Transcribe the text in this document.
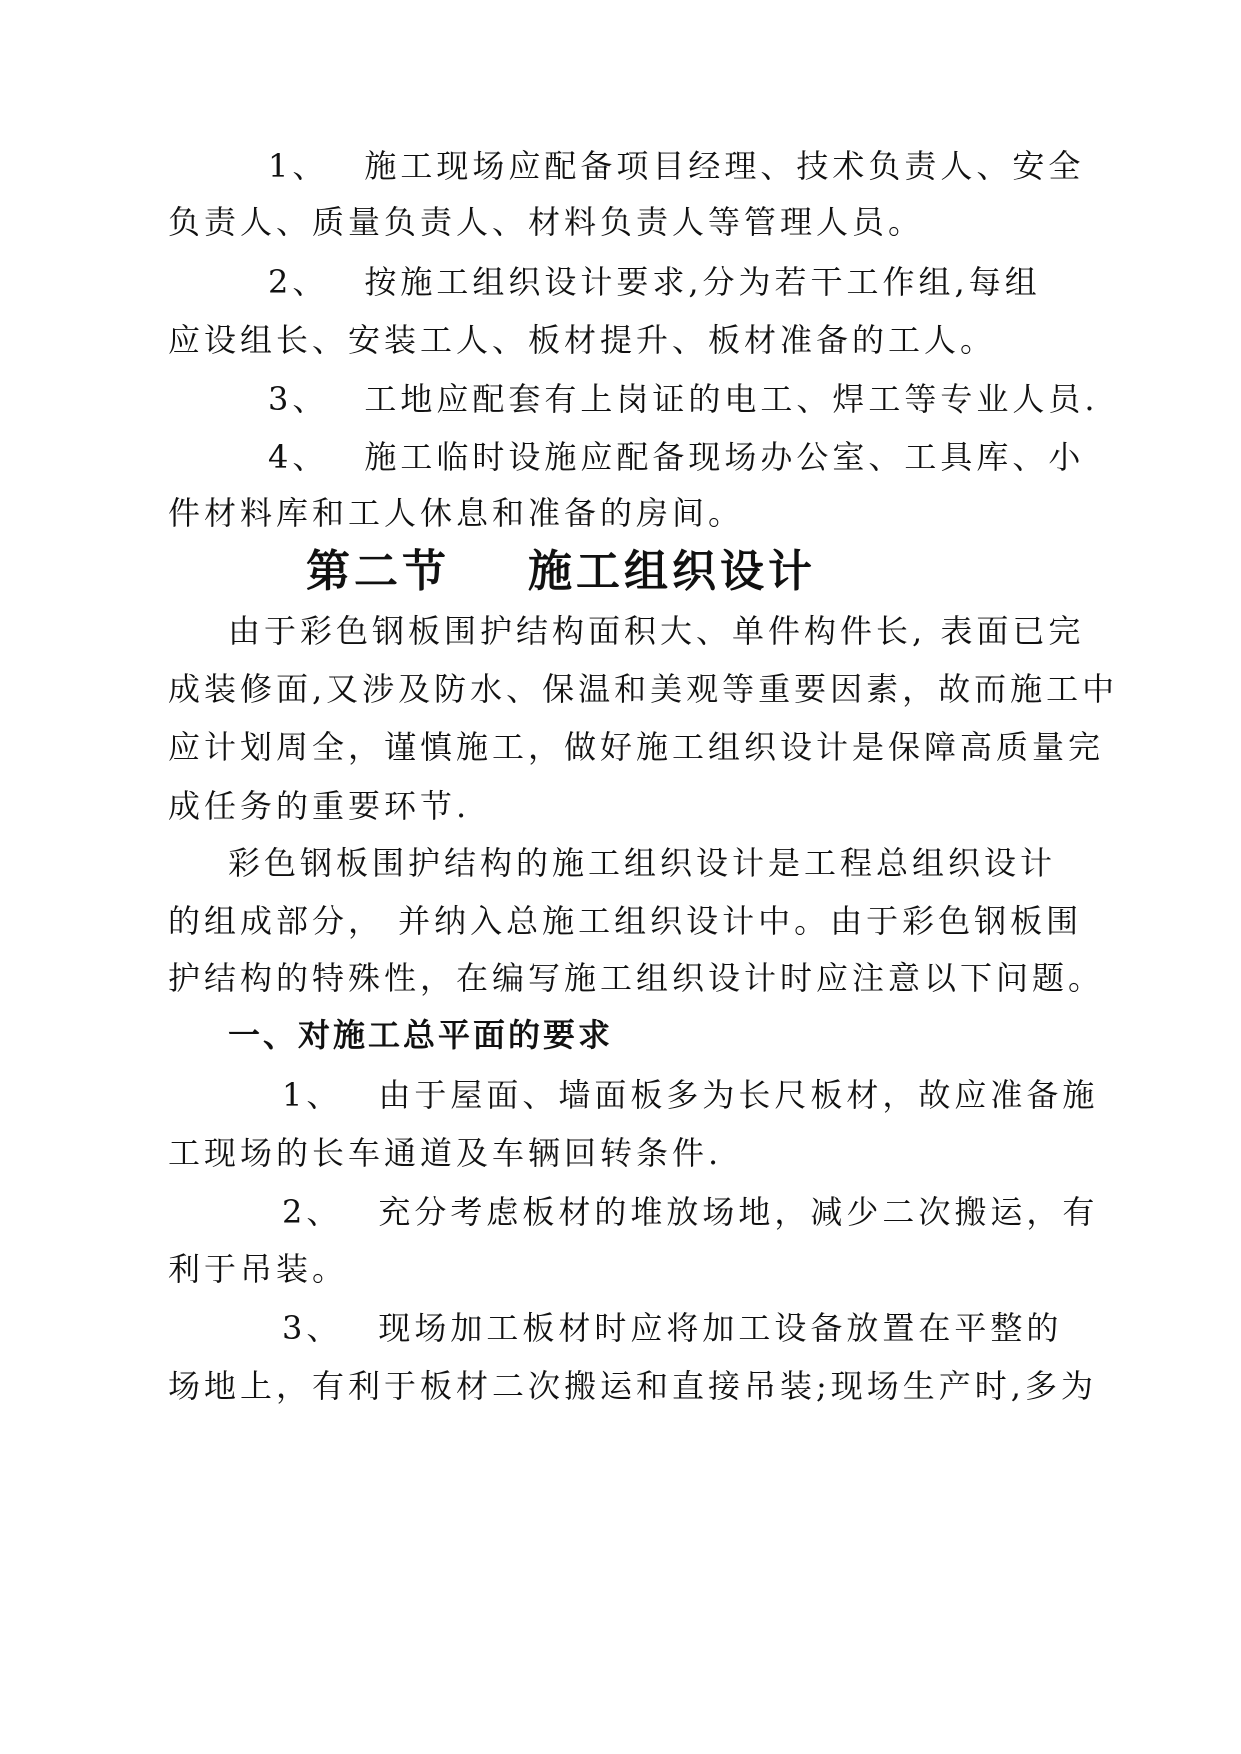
1、 施工现场应配备项目经理、技术负责人、安全
负责人、质量负责人、材料负责人等管理人员。
2、 按施工组织设计要求,分为若干工作组,每组
应设组长、安装工人、板材提升、板材准备的工人。
3、 工地应配套有上岗证的电工、焊工等专业人员.
4、 施工临时设施应配备现场办公室、工具库、小
件材料库和工人休息和准备的房间。
第二节 施工组织设计
由于彩色钢板围护结构面积大、单件构件长, 表面已完
成装修面,又涉及防水、保温和美观等重要因素，故而施工中
应计划周全，谨慎施工，做好施工组织设计是保障高质量完
成任务的重要环节.
彩色钢板围护结构的施工组织设计是工程总组织设计
的组成部分， 并纳入总施工组织设计中。由于彩色钢板围
护结构的特殊性，在编写施工组织设计时应注意以下问题。
一、对施工总平面的要求
1、 由于屋面、墙面板多为长尺板材，故应准备施
工现场的长车通道及车辆回转条件.
2、 充分考虑板材的堆放场地，减少二次搬运，有
利于吊装。
3、 现场加工板材时应将加工设备放置在平整的
场地上，有利于板材二次搬运和直接吊装;现场生产时,多为
